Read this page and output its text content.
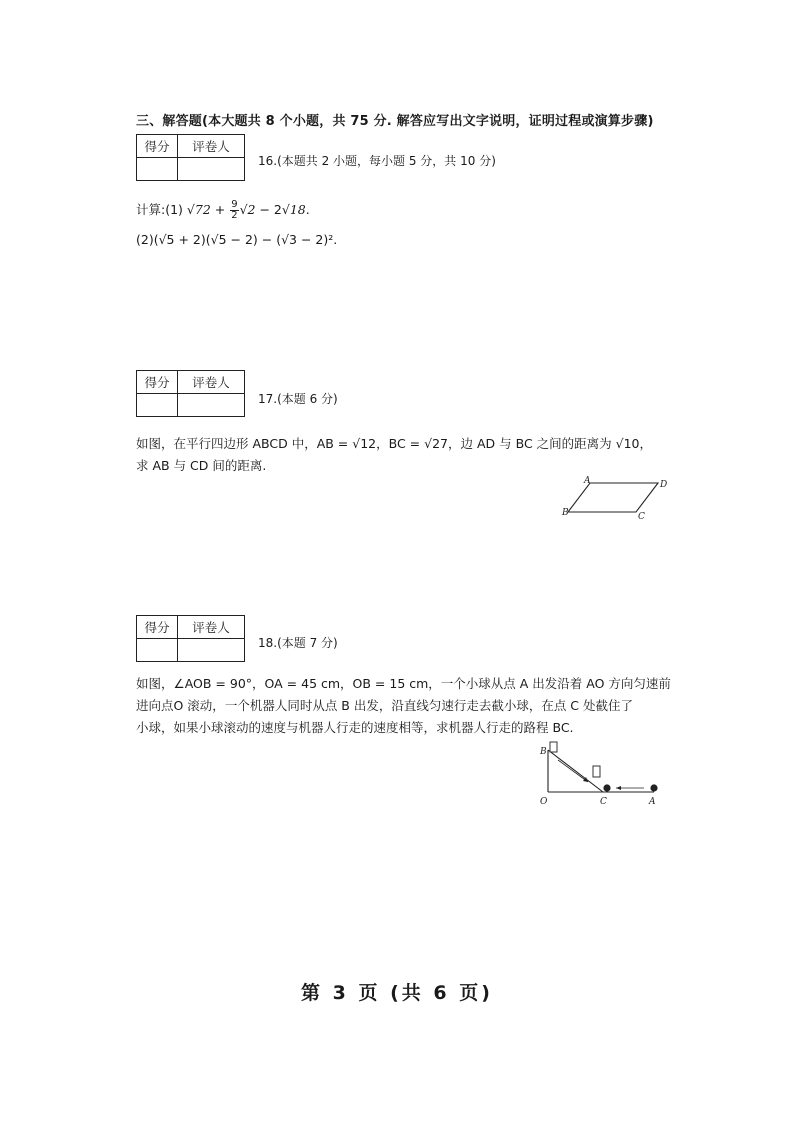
三、解答题(本大题共 8 个小题，共 75 分. 解答应写出文字说明，证明过程或演算步骤)
得分	评卷人

16.(本题共 2 小题，每小题 5 分，共 10 分)
计算:(1) $√72 + \frac{9}{2} √2 - 2√18$.
(2)(√5 + 2)(√5 − 2) − (√3 − 2)².
得分	评卷人

17.(本题 6 分)
如图，在平行四边形 ABCD 中，AB = √12，BC = √27，边 AD 与 BC 之间的距离为 √10，
求 AB 与 CD 间的距离.
A	D
B	C
得分	评卷人

18.(本题 7 分)
如图，∠AOB = 90°，OA = 45 cm，OB = 15 cm，一个小球从点 A 出发沿着 AO 方向匀速前
进向点O 滚动，一个机器人同时从点 B 出发，沿直线匀速行走去截小球，在点 C 处截住了
小球，如果小球滚动的速度与机器人行走的速度相等，求机器人行走的路程 BC.
B
O	C	A
第 3 页 (共 6 页)
